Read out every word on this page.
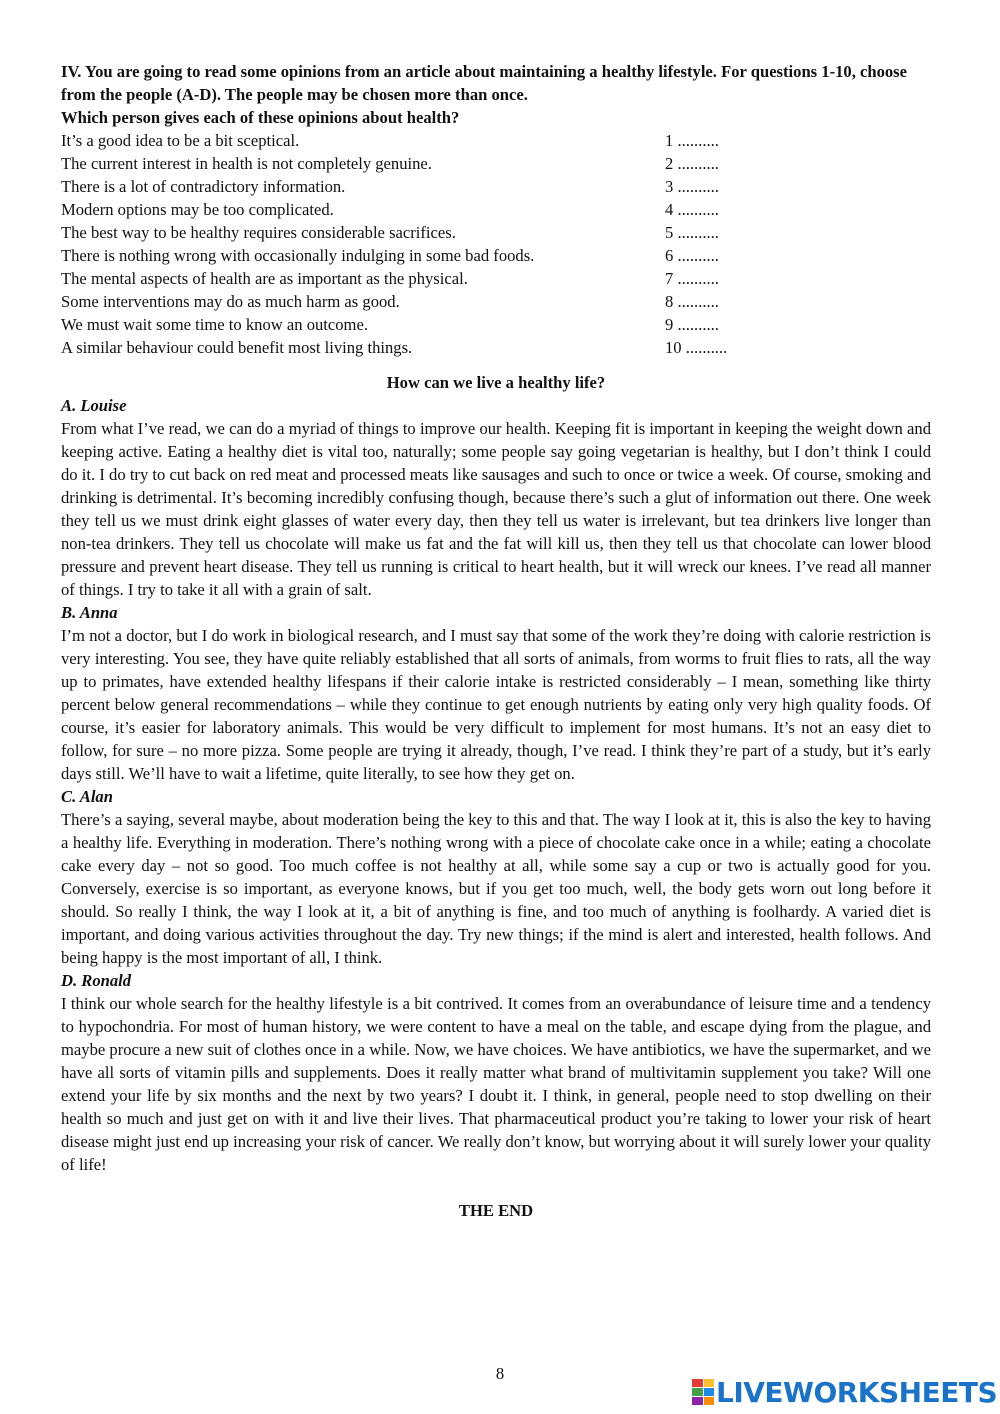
IV. You are going to read some opinions from an article about maintaining a healthy lifestyle. For questions 1-10, choose from the people (A-D). The people may be chosen more than once.
Which person gives each of these opinions about health?
It’s a good idea to be a bit sceptical.	1 ..........
The current interest in health is not completely genuine.	2 ..........
There is a lot of contradictory information.	3 ..........
Modern options may be too complicated.	4 ..........
The best way to be healthy requires considerable sacrifices.	5 ..........
There is nothing wrong with occasionally indulging in some bad foods.	6 ..........
The mental aspects of health are as important as the physical.	7 ..........
Some interventions may do as much harm as good.	8 ..........
We must wait some time to know an outcome.	9 ..........
A similar behaviour could benefit most living things.	10 ..........
How can we live a healthy life?
A. Louise

From what I’ve read, we can do a myriad of things to improve our health. Keeping fit is important in keeping the weight down and keeping active. Eating a healthy diet is vital too, naturally; some people say going vegetarian is healthy, but I don’t think I could do it. I do try to cut back on red meat and processed meats like sausages and such to once or twice a week. Of course, smoking and drinking is detrimental. It’s becoming incredibly confusing though, because there’s such a glut of information out there. One week they tell us we must drink eight glasses of water every day, then they tell us water is irrelevant, but tea drinkers live longer than non-tea drinkers. They tell us chocolate will make us fat and the fat will kill us, then they tell us that chocolate can lower blood pressure and prevent heart disease. They tell us running is critical to heart health, but it will wreck our knees. I’ve read all manner of things. I try to take it all with a grain of salt.

B. Anna

I’m not a doctor, but I do work in biological research, and I must say that some of the work they’re doing with calorie restriction is very interesting. You see, they have quite reliably established that all sorts of animals, from worms to fruit flies to rats, all the way up to primates, have extended healthy lifespans if their calorie intake is restricted considerably – I mean, something like thirty percent below general recommendations – while they continue to get enough nutrients by eating only very high quality foods. Of course, it’s easier for laboratory animals. This would be very difficult to implement for most humans. It’s not an easy diet to follow, for sure – no more pizza. Some people are trying it already, though, I’ve read. I think they’re part of a study, but it’s early days still. We’ll have to wait a lifetime, quite literally, to see how they get on.

C. Alan

There’s a saying, several maybe, about moderation being the key to this and that. The way I look at it, this is also the key to having a healthy life. Everything in moderation. There’s nothing wrong with a piece of chocolate cake once in a while; eating a chocolate cake every day – not so good. Too much coffee is not healthy at all, while some say a cup or two is actually good for you. Conversely, exercise is so important, as everyone knows, but if you get too much, well, the body gets worn out long before it should. So really I think, the way I look at it, a bit of anything is fine, and too much of anything is foolhardy. A varied diet is important, and doing various activities throughout the day. Try new things; if the mind is alert and interested, health follows. And being happy is the most important of all, I think.

D. Ronald

I think our whole search for the healthy lifestyle is a bit contrived. It comes from an overabundance of leisure time and a tendency to hypochondria. For most of human history, we were content to have a meal on the table, and escape dying from the plague, and maybe procure a new suit of clothes once in a while. Now, we have choices. We have antibiotics, we have the supermarket, and we have all sorts of vitamin pills and supplements. Does it really matter what brand of multivitamin supplement you take? Will one extend your life by six months and the next by two years? I doubt it. I think, in general, people need to stop dwelling on their health so much and just get on with it and live their lives. That pharmaceutical product you’re taking to lower your risk of heart disease might just end up increasing your risk of cancer. We really don’t know, but worrying about it will surely lower your quality of life!

THE END
8
LIVEWORKSHEETS
